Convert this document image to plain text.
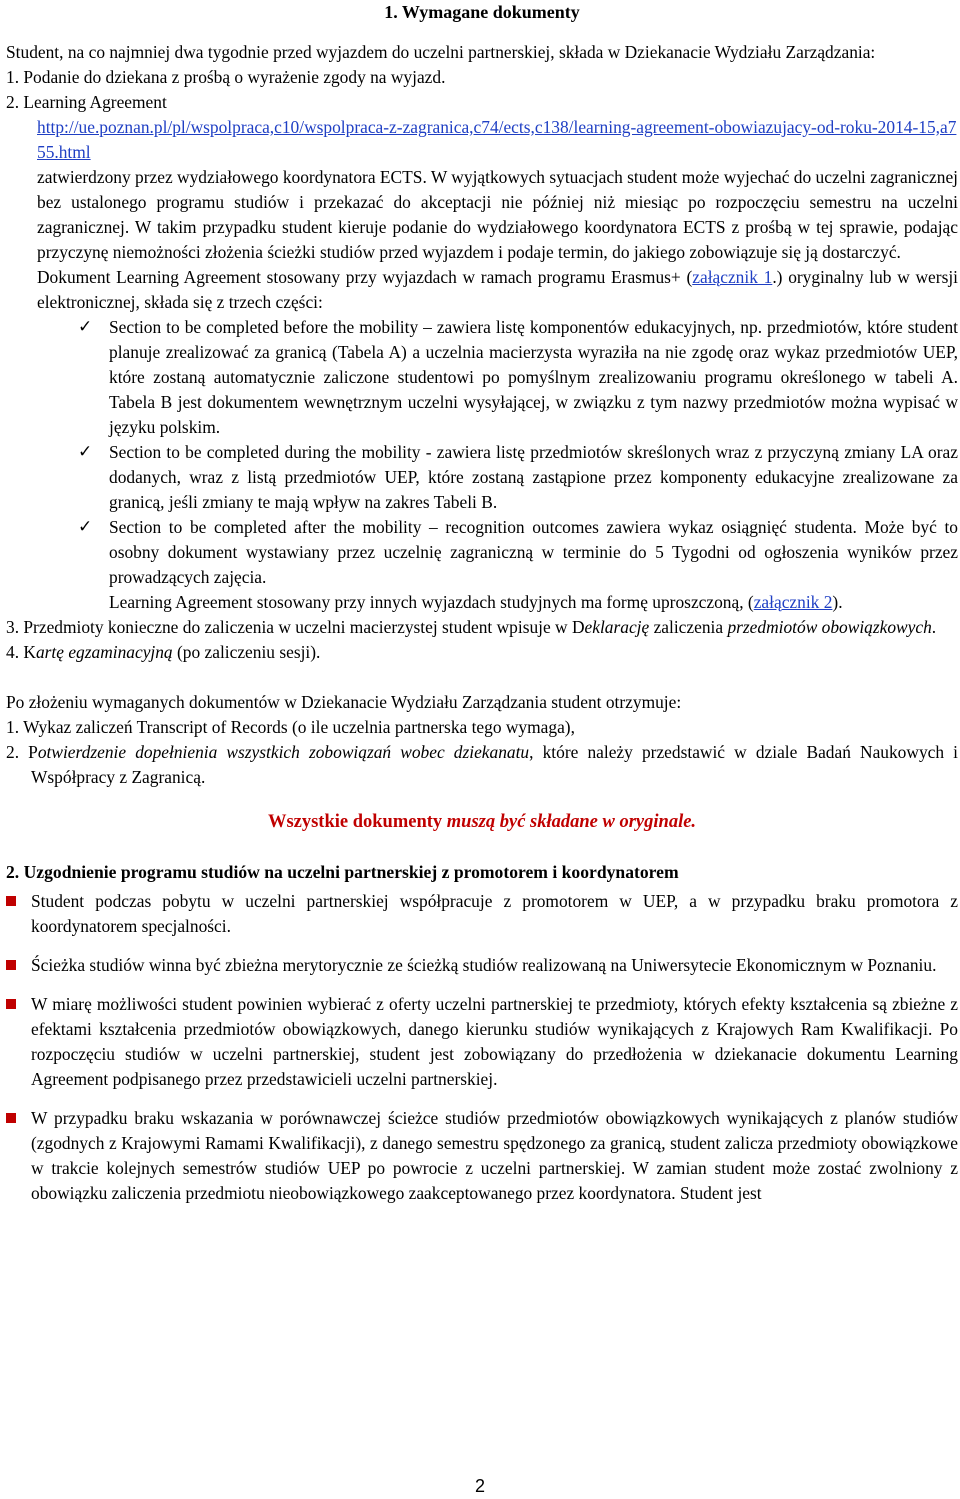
1. Wymagane dokumenty

Student, na co najmniej dwa tygodnie przed wyjazdem do uczelni partnerskiej, składa w Dziekanacie Wydziału Zarządzania:

1. Podanie do dziekana z prośbą o wyrażenie zgody na wyjazd.

2. Learning Agreement

http://ue.poznan.pl/pl/wspolpraca,c10/wspolpraca-z-zagranica,c74/ects,c138/learning-agreement-obowiazujacy-od-roku-2014-15,a755.html

zatwierdzony przez wydziałowego koordynatora ECTS. W wyjątkowych sytuacjach student może wyjechać do uczelni zagranicznej bez ustalonego programu studiów i przekazać do akceptacji nie później niż miesiąc po rozpoczęciu semestru na uczelni zagranicznej. W takim przypadku student kieruje podanie do wydziałowego koordynatora ECTS z prośbą w tej sprawie, podając przyczynę niemożności złożenia ścieżki studiów przed wyjazdem i podaje termin, do jakiego zobowiązuje się ją dostarczyć.

Dokument Learning Agreement stosowany przy wyjazdach w ramach programu Erasmus+ (załącznik 1.) oryginalny lub w wersji elektronicznej, składa się z trzech części:

✓ Section to be completed before the mobility – zawiera listę komponentów edukacyjnych, np. przedmiotów, które student planuje zrealizować za granicą (Tabela A) a uczelnia macierzysta wyraziła na nie zgodę oraz wykaz przedmiotów UEP, które zostaną automatycznie zaliczone studentowi po pomyślnym zrealizowaniu programu określonego w tabeli A. Tabela B jest dokumentem wewnętrznym uczelni wysyłającej, w związku z tym nazwy przedmiotów można wypisać w języku polskim.
✓ Section to be completed during the mobility - zawiera listę przedmiotów skreślonych wraz z przyczyną zmiany LA oraz dodanych, wraz z listą przedmiotów UEP, które zostaną zastąpione przez komponenty edukacyjne zrealizowane za granicą, jeśli zmiany te mają wpływ na zakres Tabeli B.
✓ Section to be completed after the mobility – recognition outcomes zawiera wykaz osiągnięć studenta. Może być to osobny dokument wystawiany przez uczelnię zagraniczną w terminie do 5 Tygodni od ogłoszenia wyników przez prowadzących zajęcia.

Learning Agreement stosowany przy innych wyjazdach studyjnych ma formę uproszczoną, (załącznik 2).

3. Przedmioty konieczne do zaliczenia w uczelni macierzystej student wpisuje w Deklarację zaliczenia przedmiotów obowiązkowych.

4. Kartę egzaminacyjną (po zaliczeniu sesji).

Po złożeniu wymaganych dokumentów w Dziekanacie Wydziału Zarządzania student otrzymuje:

1. Wykaz zaliczeń Transcript of Records (o ile uczelnia partnerska tego wymaga),

2. Potwierdzenie dopełnienia wszystkich zobowiązań wobec dziekanatu, które należy przedstawić w dziale Badań Naukowych i Współpracy z Zagranicą.

Wszystkie dokumenty muszą być składane w oryginale.

2. Uzgodnienie programu studiów na uczelni partnerskiej z promotorem i koordynatorem

Student podczas pobytu w uczelni partnerskiej współpracuje z promotorem w UEP, a w przypadku braku promotora z koordynatorem specjalności.
Ścieżka studiów winna być zbieżna merytorycznie ze ścieżką studiów realizowaną na Uniwersytecie Ekonomicznym w Poznaniu.
W miarę możliwości student powinien wybierać z oferty uczelni partnerskiej te przedmioty, których efekty kształcenia są zbieżne z efektami kształcenia przedmiotów obowiązkowych, danego kierunku studiów wynikających z Krajowych Ram Kwalifikacji. Po rozpoczęciu studiów w uczelni partnerskiej, student jest zobowiązany do przedłożenia w dziekanacie dokumentu Learning Agreement podpisanego przez przedstawicieli uczelni partnerskiej.
W przypadku braku wskazania w porównawczej ścieżce studiów przedmiotów obowiązkowych wynikających z planów studiów (zgodnych z Krajowymi Ramami Kwalifikacji), z danego semestru spędzonego za granicą, student zalicza przedmioty obowiązkowe w trakcie kolejnych semestrów studiów UEP po powrocie z uczelni partnerskiej. W zamian student może zostać zwolniony z obowiązku zaliczenia przedmiotu nieobowiązkowego zaakceptowanego przez koordynatora. Student jest
2
